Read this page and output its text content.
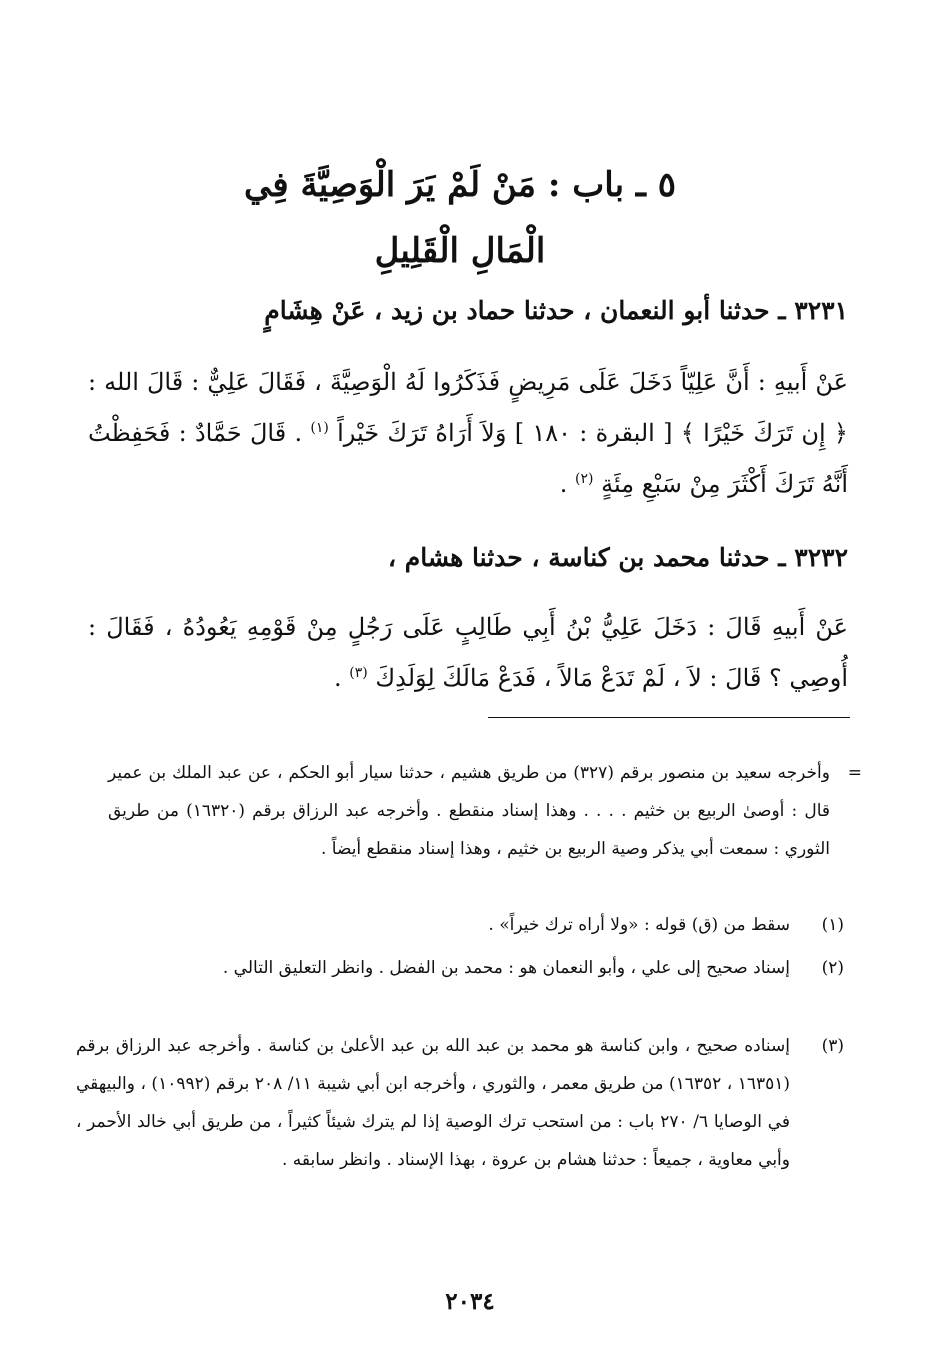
٥ ـ باب : مَنْ لَمْ يَرَ الْوَصِيَّةَ فِي
الْمَالِ الْقَلِيلِ
٣٢٣١ ـ حدثنا أبو النعمان ، حدثنا حماد بن زيد ، عَنْ هِشَامٍ
عَنْ أَبيهِ : أَنَّ عَلِيّاً دَخَلَ عَلَى مَرِيضٍ فَذَكَرُوا لَهُ الْوَصِيَّةَ ، فَقَالَ عَلِيٌّ : قَالَ الله : ﴿ إِن تَرَكَ خَيْرًا ﴾ [ البقرة : ١٨٠ ] وَلاَ أَرَاهُ تَرَكَ خَيْراً $^{(١)}$ . قَالَ حَمَّادٌ : فَحَفِظْتُ أَنَّهُ تَرَكَ أَكْثَرَ مِنْ سَبْعِ مِئَةٍ $^{(٢)}$ .
٣٢٣٢ ـ حدثنا محمد بن كناسة ، حدثنا هشام ،
عَنْ أَبيهِ قَالَ : دَخَلَ عَلِيُّ بْنُ أَبِي طَالِبٍ عَلَى رَجُلٍ مِنْ قَوْمِهِ يَعُودُهُ ، فَقَالَ : أُوصِي ؟ قَالَ : لاَ ، لَمْ تَدَعْ مَالاً ، فَدَعْ مَالَكَ لِوَلَدِكَ $^{(٣)}$ .
=
وأخرجه سعيد بن منصور برقم (٣٢٧) من طريق هشيم ، حدثنا سيار أبو الحكم ، عن عبد الملك بن عمير قال : أوصىٰ الربيع بن خثيم . . . . وهذا إسناد منقطع . وأخرجه عبد الرزاق برقم (١٦٣٢٠) من طريق الثوري : سمعت أبي يذكر وصية الربيع بن خثيم ، وهذا إسناد منقطع أيضاً .
(١)
سقط من (ق) قوله : «ولا أراه ترك خيراً» .
(٢)
إسناد صحيح إلى علي ، وأبو النعمان هو : محمد بن الفضل . وانظر التعليق التالي .
(٣)
إسناده صحيح ، وابن كناسة هو محمد بن عبد الله بن عبد الأعلىٰ بن كناسة . وأخرجه عبد الرزاق برقم (١٦٣٥١ ، ١٦٣٥٢) من طريق معمر ، والثوري ، وأخرجه ابن أبي شيبة ١١/ ٢٠٨ برقم (١٠٩٩٢) ، والبيهقي في الوصايا ٦/ ٢٧٠ باب : من استحب ترك الوصية إذا لم يترك شيئاً كثيراً ، من طريق أبي خالد الأحمر ، وأبي معاوية ، جميعاً : حدثنا هشام بن عروة ، بهذا الإسناد . وانظر سابقه .
٢٠٣٤
